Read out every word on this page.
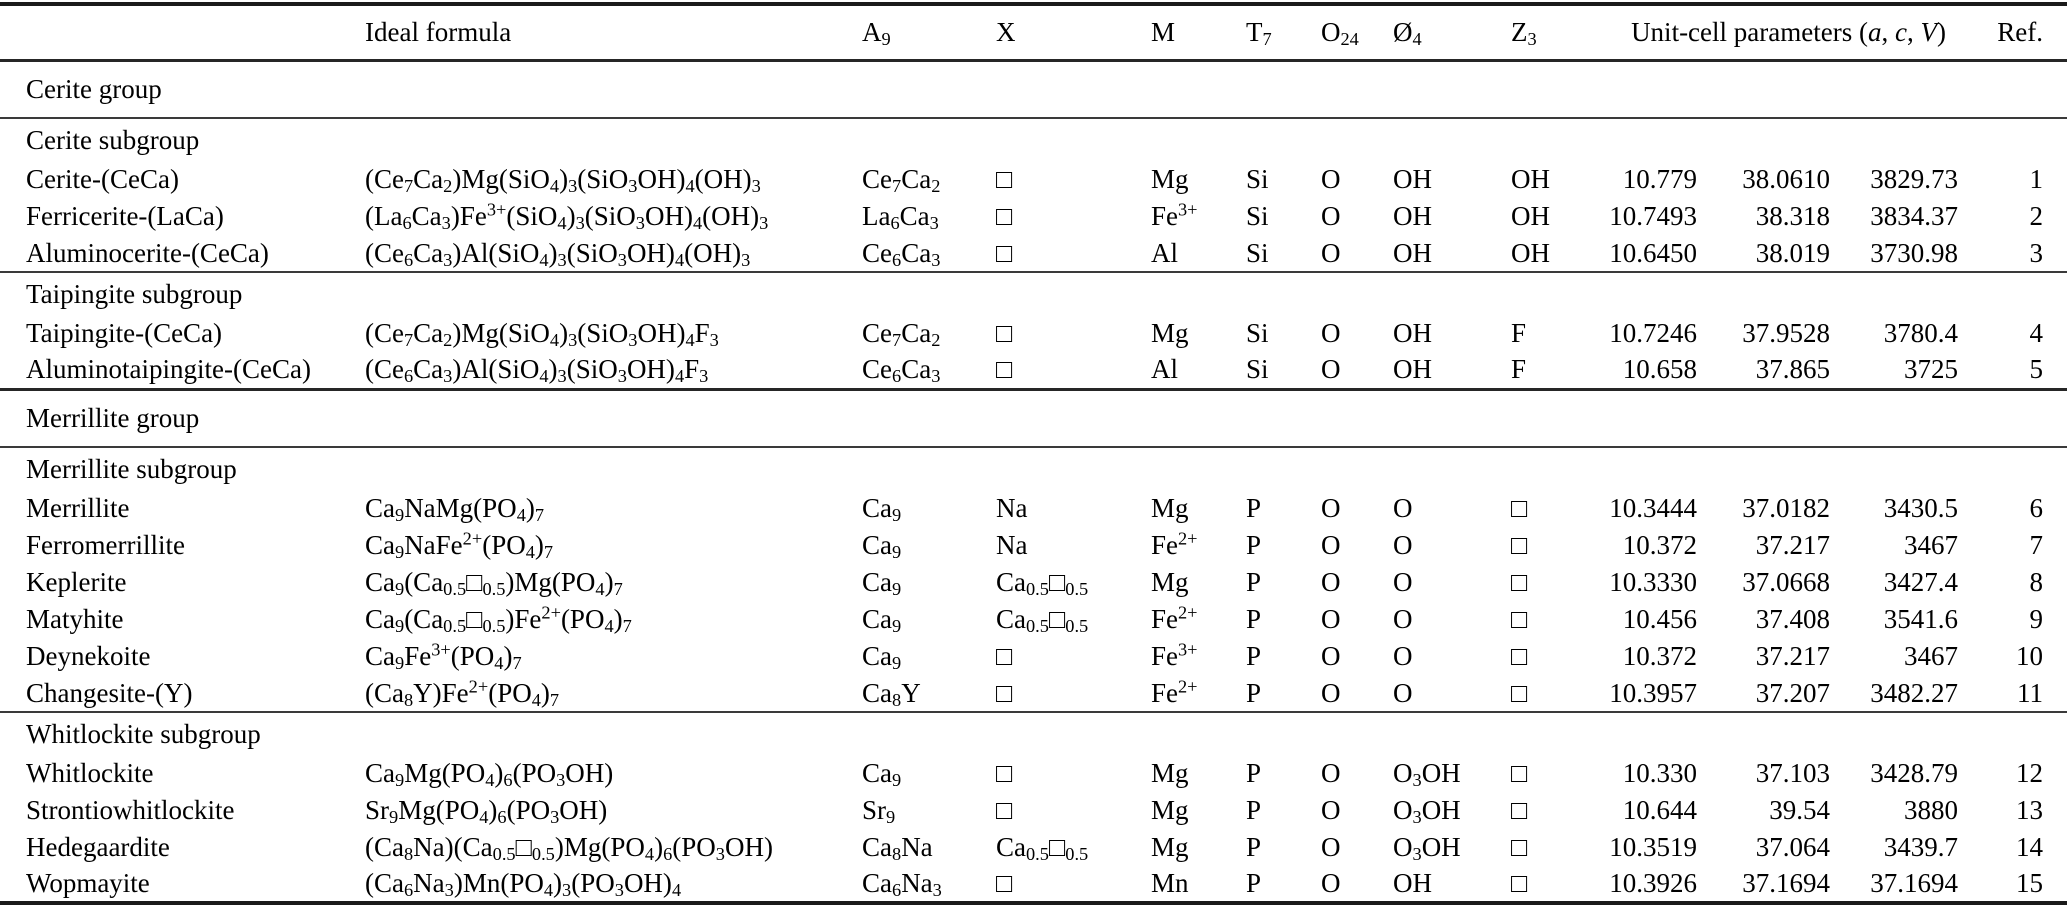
	Ideal formula	$A_9$	X	M	$T_7$	$O_{24}$	$Ø_4$	$Z_3$	Unit-cell parameters (a, c, V)			Ref.
Cerite group												
Cerite subgroup												
Cerite-(CeCa)	$(Ce_7Ca_2)Mg(SiO_4)_3(SiO_3OH)_4(OH)_3$	$Ce_7Ca_2$	□	Mg	Si	O	OH	OH	10.779	38.0610	3829.73	1
Ferricerite-(LaCa)	$(La_6Ca_3)Fe^{3+}(SiO_4)_3(SiO_3OH)_4(OH)_3$	$La_6Ca_3$	□	$Fe^{3+}$	Si	O	OH	OH	10.7493	38.318	3834.37	2
Aluminocerite-(CeCa)	$(Ce_6Ca_3)Al(SiO_4)_3(SiO_3OH)_4(OH)_3$	$Ce_6Ca_3$	□	Al	Si	O	OH	OH	10.6450	38.019	3730.98	3
Taipingite subgroup												
Taipingite-(CeCa)	$(Ce_7Ca_2)Mg(SiO_4)_3(SiO_3OH)_4F_3$	$Ce_7Ca_2$	□	Mg	Si	O	OH	F	10.7246	37.9528	3780.4	4
Aluminotaipingite-(CeCa)	$(Ce_6Ca_3)Al(SiO_4)_3(SiO_3OH)_4F_3$	$Ce_6Ca_3$	□	Al	Si	O	OH	F	10.658	37.865	3725	5
Merrillite group												
Merrillite subgroup												
Merrillite	$Ca_9NaMg(PO_4)_7$	$Ca_9$	Na	Mg	P	O	O	□	10.3444	37.0182	3430.5	6
Ferromerrillite	$Ca_9NaFe^{2+}(PO_4)_7$	$Ca_9$	Na	$Fe^{2+}$	P	O	O	□	10.372	37.217	3467	7
Keplerite	$Ca_9(Ca_{0.5}□_{0.5})Mg(PO_4)_7$	$Ca_9$	$Ca_{0.5}□_{0.5}$	Mg	P	O	O	□	10.3330	37.0668	3427.4	8
Matyhite	$Ca_9(Ca_{0.5}□_{0.5})Fe^{2+}(PO_4)_7$	$Ca_9$	$Ca_{0.5}□_{0.5}$	$Fe^{2+}$	P	O	O	□	10.456	37.408	3541.6	9
Deynekoite	$Ca_9Fe^{3+}(PO_4)_7$	$Ca_9$	□	$Fe^{3+}$	P	O	O	□	10.372	37.217	3467	10
Changesite-(Y)	$(Ca_8Y)Fe^{2+}(PO_4)_7$	$Ca_8Y$	□	$Fe^{2+}$	P	O	O	□	10.3957	37.207	3482.27	11
Whitlockite subgroup												
Whitlockite	$Ca_9Mg(PO_4)_6(PO_3OH)$	$Ca_9$	□	Mg	P	O	$O_3OH$	□	10.330	37.103	3428.79	12
Strontiowhitlockite	$Sr_9Mg(PO_4)_6(PO_3OH)$	$Sr_9$	□	Mg	P	O	$O_3OH$	□	10.644	39.54	3880	13
Hedegaardite	$(Ca_8Na)(Ca_{0.5}□_{0.5})Mg(PO_4)_6(PO_3OH)$	$Ca_8Na$	$Ca_{0.5}□_{0.5}$	Mg	P	O	$O_3OH$	□	10.3519	37.064	3439.7	14
Wopmayite	$(Ca_6Na_3)Mn(PO_4)_3(PO_3OH)_4$	$Ca_6Na_3$	□	Mn	P	O	OH	□	10.3926	37.1694	37.1694	15
